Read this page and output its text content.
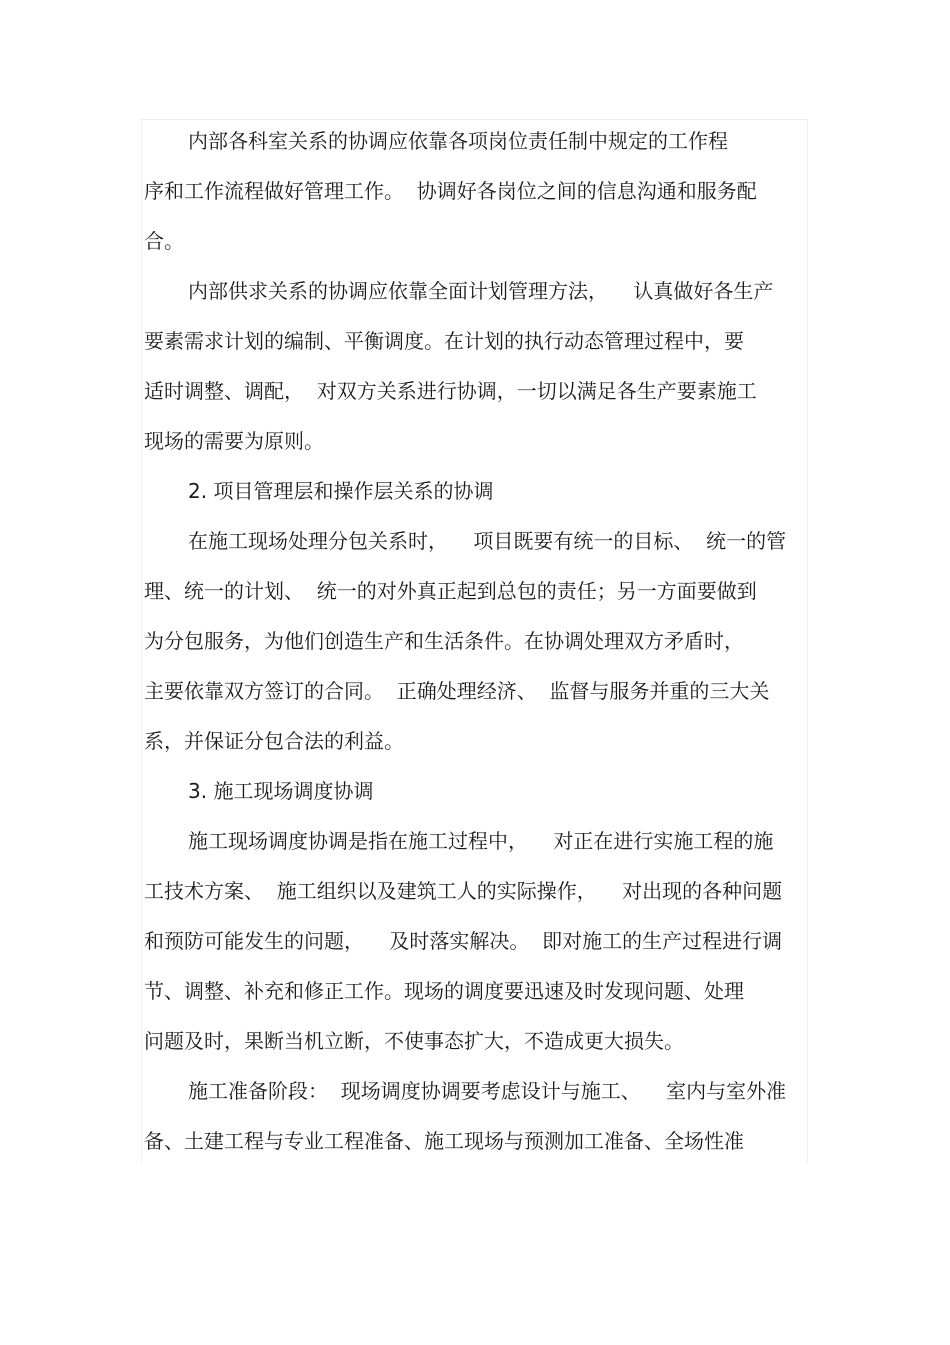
内部各科室关系的协调应依靠各项岗位责任制中规定的工作程
序和工作流程做好管理工作。  协调好各岗位之间的信息沟通和服务配
合。
内部供求关系的协调应依靠全面计划管理方法，    认真做好各生产
要素需求计划的编制、平衡调度。在计划的执行动态管理过程中，要
适时调整、调配，  对双方关系进行协调，一切以满足各生产要素施工
现场的需要为原则。
2. 项目管理层和操作层关系的协调
在施工现场处理分包关系时，    项目既要有统一的目标、  统一的管
理、统一的计划、  统一的对外真正起到总包的责任；另一方面要做到
为分包服务，为他们创造生产和生活条件。在协调处理双方矛盾时，
主要依靠双方签订的合同。  正确处理经济、  监督与服务并重的三大关
系，并保证分包合法的利益。
3. 施工现场调度协调
施工现场调度协调是指在施工过程中，    对正在进行实施工程的施
工技术方案、  施工组织以及建筑工人的实际操作，    对出现的各种问题
和预防可能发生的问题，    及时落实解决。  即对施工的生产过程进行调
节、调整、补充和修正工作。现场的调度要迅速及时发现问题、处理
问题及时，果断当机立断，不使事态扩大，不造成更大损失。
施工准备阶段：  现场调度协调要考虑设计与施工、    室内与室外准
备、土建工程与专业工程准备、施工现场与预测加工准备、全场性准
